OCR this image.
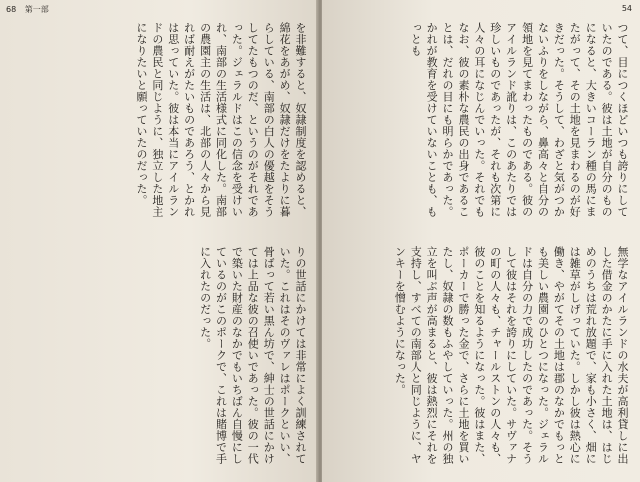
68 第一部

を非難すると、奴隷制度を認めると、綿花をあがめ、奴隷だけをたよりに暮らしている、南部の白人の優越をそうしてたもつのだ、というのがそれであった。ジェラルドはこの信念を受けいれ、南部の生活様式に同化した。南部の農園主の生活は、北部の人々から見れば耐えがたいものであろう、とかれは思っていた。彼は本当にアイルランドの農民と同じように、独立した地主になりたいと願っていたのだった。

りの世話にかけては非常によく訓練されていた。これはそのヴァレはポークといい、骨ばって若い黒ん坊で、紳士の世話にかけては上品な彼の召使いであった。彼の一代で築いた財産のなかでもいちばん自慢にしているのがこのポークで、これは賭博で手に入れたのだった。

54

つて、目につくほどいつも誇りにしていたのである。彼は土地が自分のものになると、大きいコーラン種の馬にまたがって、その土地を見まわるのが好きだった。そうして、わざと気がつかないふりをしながら、鼻高々と自分の領地を見てまわったものである。彼のアイルランド訛りは、このあたりでは珍しいものであったが、それも次第に人々の耳になじんでいった。それでもなお、彼の素朴な農民の出身であることは、だれの目にも明らかであった。かれが教育を受けていないことも、もっとも

無学なアイルランドの水夫が高利貸しに出した借金のかたに手に入れた土地は、はじめのうちは荒れ放題で、家も小さく、畑には雑草がしげっていた。しかし彼は熱心に働き、やがてその土地は郡のなかでもっとも美しい農園のひとつになった。ジェラルドは自分の力で成功したのであった。そうして彼はそれを誇りにしていた。サヴァナの町の人々も、チャールストンの人々も、彼のことを知るようになった。彼はまた、ポーカーで勝った金で、さらに土地を買いたし、奴隷の数もふやしていった。州の独立を叫ぶ声が高まると、彼は熱烈にそれを支持し、すべての南部人と同じように、ヤンキーを憎むようになった。
